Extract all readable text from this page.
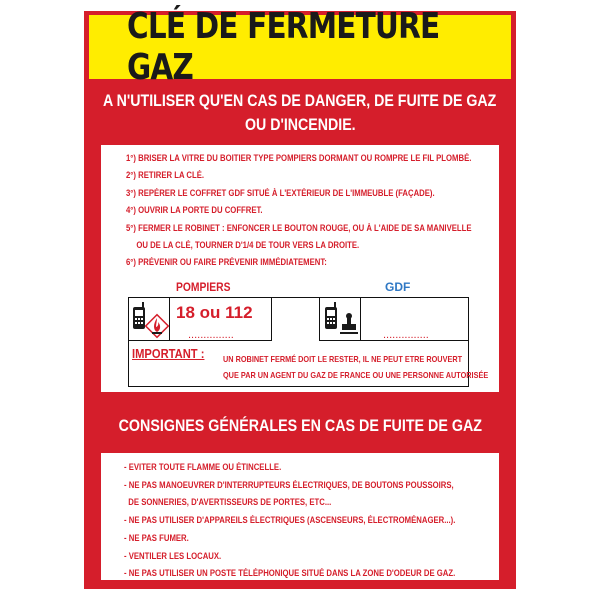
CLÉ DE FERMETURE GAZ
A N'UTILISER QU'EN CAS DE DANGER, DE FUITE DE GAZ
OU D'INCENDIE.
1°) BRISER LA VITRE DU BOITIER TYPE POMPIERS DORMANT OU ROMPRE LE FIL PLOMBÉ.
2°) RETIRER LA CLÉ.
3°) REPÉRER LE COFFRET GDF SITUÉ À L'EXTÉRIEUR DE L'IMMEUBLE (FAÇADE).
4°) OUVRIR LA PORTE DU COFFRET.
5°) FERMER LE ROBINET : ENFONCER LE BOUTON ROUGE, OU À L'AIDE DE SA MANIVELLE
OU DE LA CLÉ, TOURNER D'1/4 DE TOUR VERS LA DROITE.
6°) PRÉVENIR OU FAIRE PRÉVENIR IMMÉDIATEMENT:
POMPIERS	GDF
18 ou 112
...............	...............
IMPORTANT : UN ROBINET FERMÉ DOIT LE RESTER, IL NE PEUT ETRE ROUVERT
QUE PAR UN AGENT DU GAZ DE FRANCE OU UNE PERSONNE AUTORISÉE
CONSIGNES GÉNÉRALES EN CAS DE FUITE DE GAZ
- EVITER TOUTE FLAMME OU ÉTINCELLE.
- NE PAS MANOEUVRER D'INTERRUPTEURS ÉLECTRIQUES, DE BOUTONS POUSSOIRS,
DE SONNERIES, D'AVERTISSEURS DE PORTES, ETC...
- NE PAS UTILISER D'APPAREILS ÉLECTRIQUES (ASCENSEURS, ÉLECTROMÉNAGER...).
- NE PAS FUMER.
- VENTILER LES LOCAUX.
- NE PAS UTILISER UN POSTE TÉLÉPHONIQUE SITUÉ DANS LA ZONE D'ODEUR DE GAZ.
